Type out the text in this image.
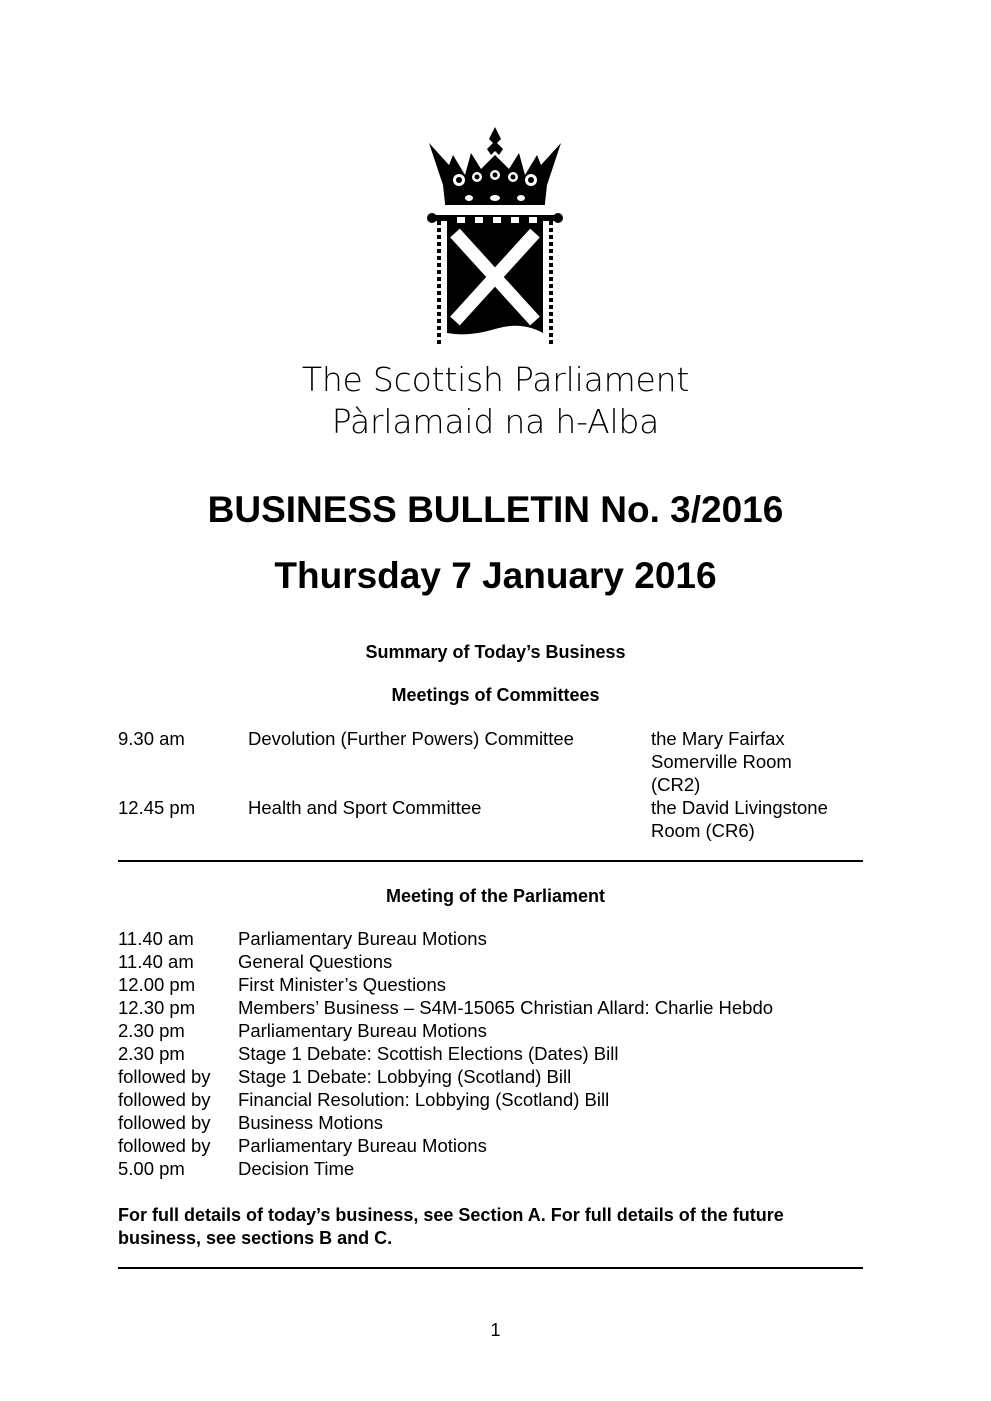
The Scottish Parliament
Pàrlamaid na h-Alba
BUSINESS BULLETIN No. 3/2016
Thursday 7 January 2016
Summary of Today’s Business
Meetings of Committees
9.30 am	Devolution (Further Powers) Committee	the Mary Fairfax
Somerville Room
(CR2)
12.45 pm	Health and Sport Committee	the David Livingstone
Room (CR6)
Meeting of the Parliament
11.40 am Parliamentary Bureau Motions
11.40 am General Questions
12.00 pm First Minister’s Questions
12.30 pm Members’ Business – S4M-15065 Christian Allard: Charlie Hebdo
2.30 pm	Parliamentary Bureau Motions
2.30 pm	Stage 1 Debate: Scottish Elections (Dates) Bill
followed by Stage 1 Debate: Lobbying (Scotland) Bill
followed by Financial Resolution: Lobbying (Scotland) Bill
followed by Business Motions
followed by Parliamentary Bureau Motions
5.00 pm	Decision Time
For full details of today’s business, see Section A. For full details of the future
business, see sections B and C.
1
